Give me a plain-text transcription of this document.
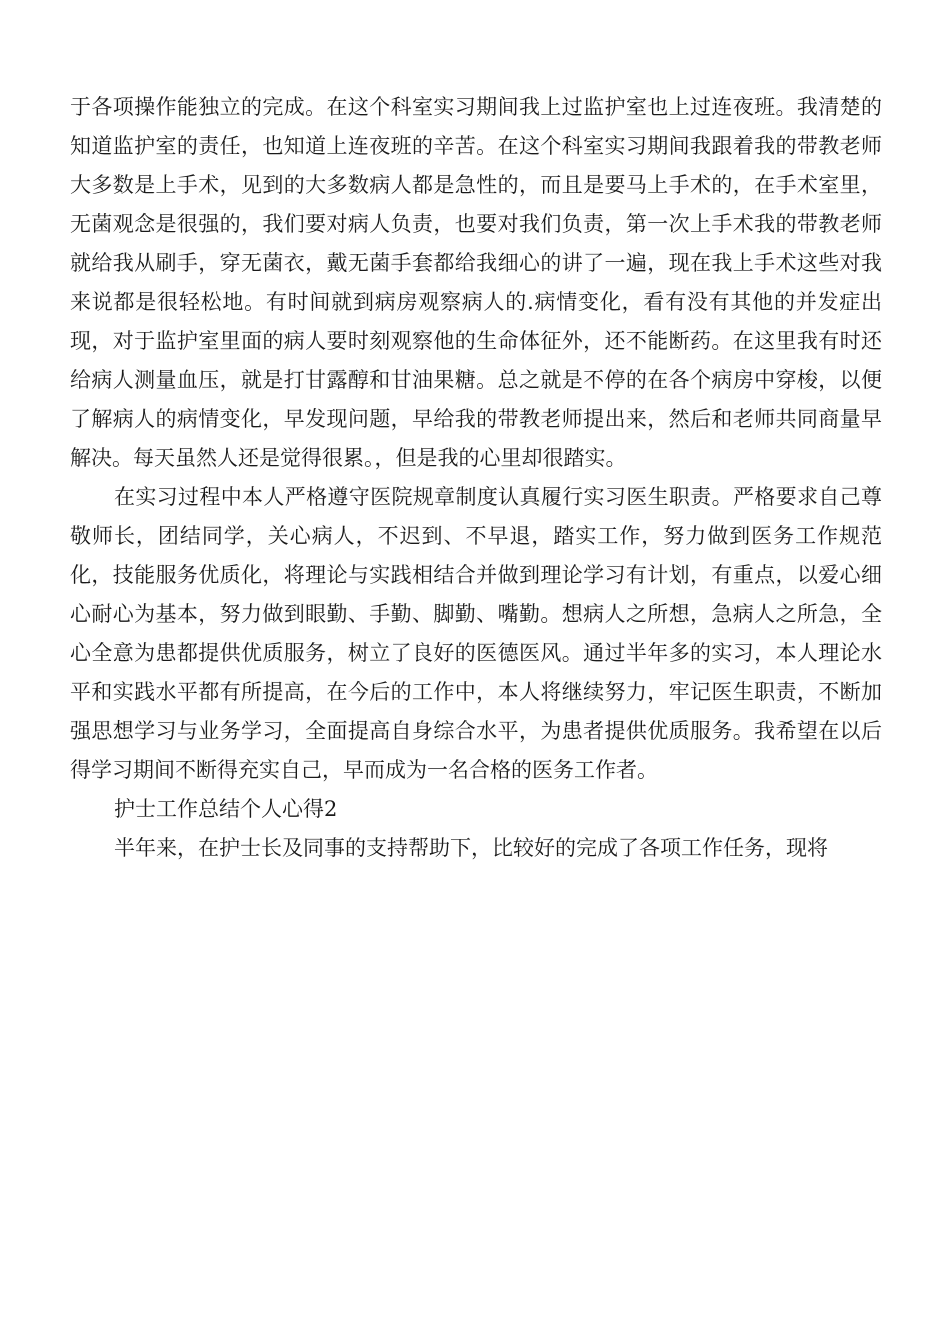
于各项操作能独立的完成。在这个科室实习期间我上过监护室也上过连夜班。我清楚的知道监护室的责任，也知道上连夜班的辛苦。在这个科室实习期间我跟着我的带教老师大多数是上手术，见到的大多数病人都是急性的，而且是要马上手术的，在手术室里，无菌观念是很强的，我们要对病人负责，也要对我们负责，第一次上手术我的带教老师就给我从刷手，穿无菌衣，戴无菌手套都给我细心的讲了一遍，现在我上手术这些对我来说都是很轻松地。有时间就到病房观察病人的.病情变化，看有没有其他的并发症出现，对于监护室里面的病人要时刻观察他的生命体征外，还不能断药。在这里我有时还给病人测量血压，就是打甘露醇和甘油果糖。总之就是不停的在各个病房中穿梭，以便了解病人的病情变化，早发现问题，早给我的带教老师提出来，然后和老师共同商量早解决。每天虽然人还是觉得很累。，但是我的心里却很踏实。

在实习过程中本人严格遵守医院规章制度认真履行实习医生职责。严格要求自己尊敬师长，团结同学，关心病人，不迟到、不早退，踏实工作，努力做到医务工作规范化，技能服务优质化，将理论与实践相结合并做到理论学习有计划，有重点，以爱心细心耐心为基本，努力做到眼勤、手勤、脚勤、嘴勤。想病人之所想，急病人之所急，全心全意为患都提供优质服务，树立了良好的医德医风。通过半年多的实习，本人理论水平和实践水平都有所提高，在今后的工作中，本人将继续努力，牢记医生职责，不断加强思想学习与业务学习，全面提高自身综合水平，为患者提供优质服务。我希望在以后得学习期间不断得充实自己，早而成为一名合格的医务工作者。

护士工作总结个人心得2

半年来，在护士长及同事的支持帮助下，比较好的完成了各项工作任务，现将
